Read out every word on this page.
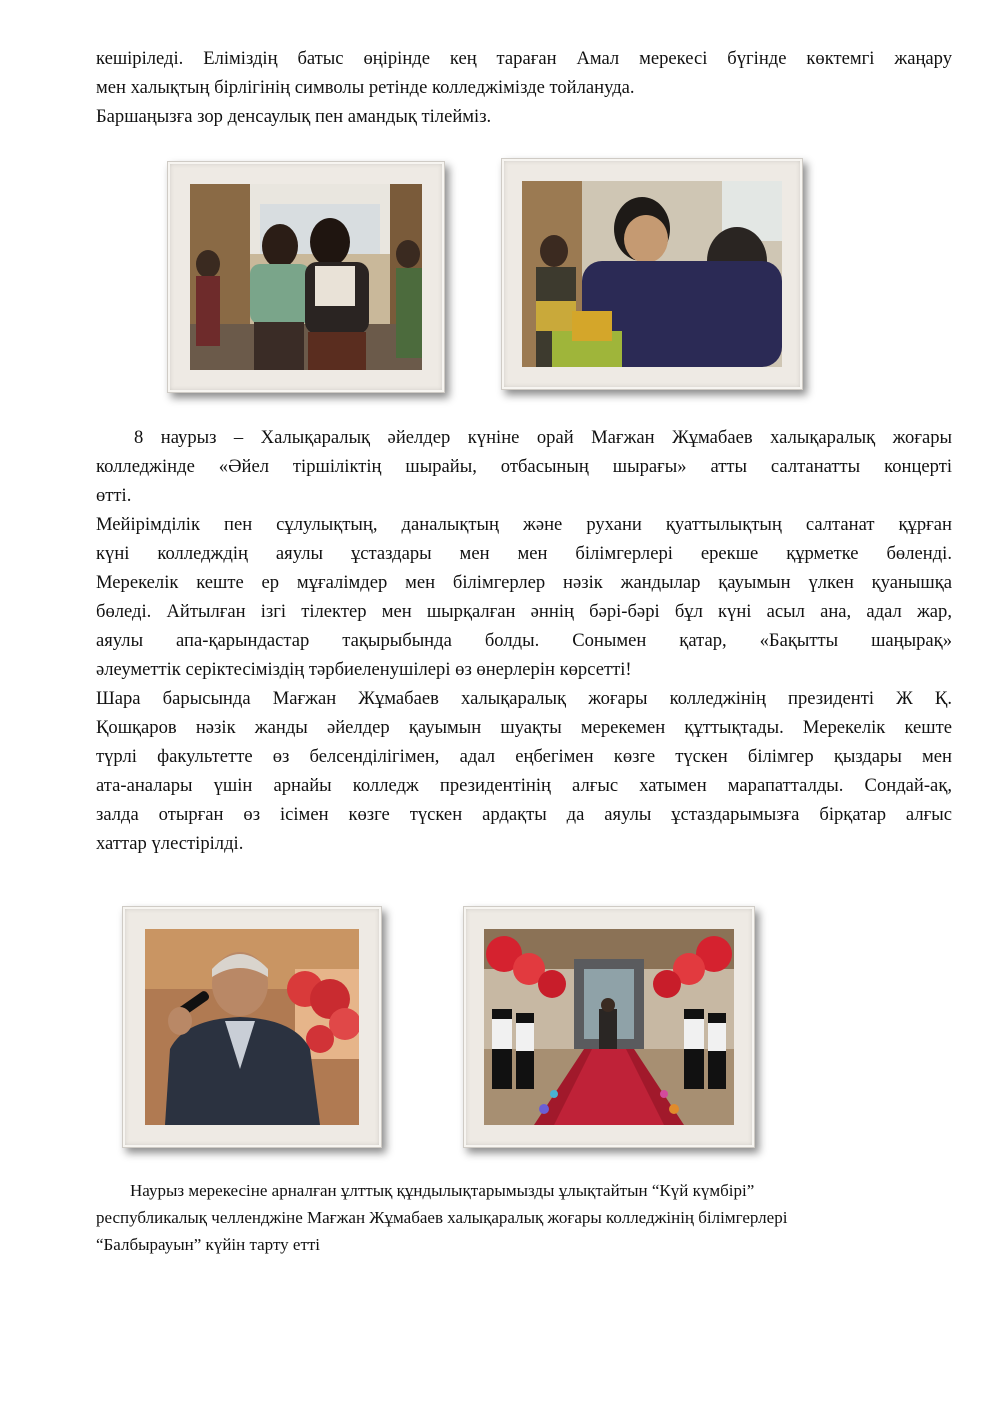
кешіріледі. Еліміздің батыс өңірінде кең тараған Амал мерекесі бүгінде көктемгі жаңару
мен халықтың бірлігінің символы ретінде колледжімізде тойлануда.
Баршаңызға зор денсаулық пен амандық тілейміз.
8 наурыз – Халықаралық әйелдер күніне орай Мағжан Жұмабаев халықаралық жоғары
колледжінде «Әйел тіршіліктің шырайы, отбасының шырағы» атты салтанатты концерті
өтті.
Мейірімділік пен сұлулықтың, даналықтың және рухани қуаттылықтың салтанат құрған
күні колледждің аяулы ұстаздары мен мен білімгерлері ерекше құрметке бөленді.
Мерекелік кеште ер мұғалімдер мен білімгерлер нәзік жандылар қауымын үлкен қуанышқа
бөледі. Айтылған ізгі тілектер мен шырқалған әннің бәрі-бәрі бұл күні асыл ана, адал жар,
аяулы апа-қарындастар тақырыбында болды. Сонымен қатар, «Бақытты шаңырақ»
әлеуметтік серіктесіміздің тәрбиеленушілері өз өнерлерін көрсетті!
Шара барысында Мағжан Жұмабаев халықаралық жоғары колледжінің президенті Ж Қ.
Қошқаров нәзік жанды әйелдер қауымын шуақты мерекемен құттықтады. Мерекелік кеште
түрлі факультетте өз белсенділігімен, адал еңбегімен көзге түскен білімгер қыздары мен
ата-аналары үшін арнайы колледж президентінің алғыс хатымен марапатталды. Сондай-ақ,
залда отырған өз ісімен көзге түскен ардақты да аяулы ұстаздарымызға бірқатар алғыс
хаттар үлестірілді.
Наурыз мерекесіне арналған ұлттық құндылықтарымызды ұлықтайтын “Күй күмбірі”
республикалық челленджіне Мағжан Жұмабаев халықаралық жоғары колледжінің білімгерлері
“Балбырауын” күйін тарту етті
